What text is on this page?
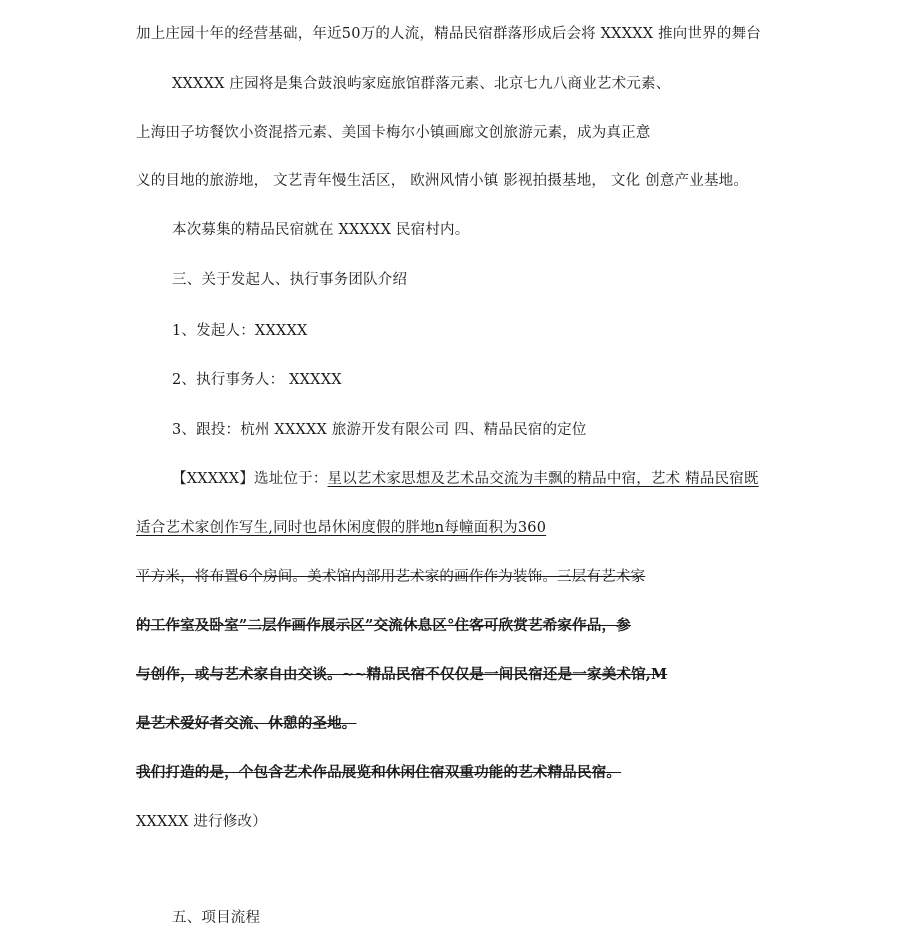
加上庄园十年的经营基础，年近50万的人流，精品民宿群落形成后会将 XXXXX 推向世界的舞台
XXXXX 庄园将是集合鼓浪屿家庭旅馆群落元素、北京七九八商业艺术元素、
上海田子坊餐饮小资混搭元素、美国卡梅尔小镇画廊文创旅游元素，成为真正意
义的目地的旅游地， 文艺青年慢生活区， 欧洲风情小镇 影视拍摄基地， 文化 创意产业基地。
本次募集的精品民宿就在 XXXXX 民宿村内。
三、关于发起人、执行事务团队介绍
1、发起人：XXXXX
2、执行事务人： XXXXX
3、跟投：杭州 XXXXX 旅游开发有限公司 四、精品民宿的定位
【XXXXX】选址位于：星以艺术家思想及艺术品交流为丰飘的精品中宿，艺术 精品民宿既
适合艺术家创作写生,同时也昂休闲度假的胖地n每幢面积为360
平方米，将布置6个房间。美术馆内部用艺术家的画作作为装饰。三层有艺术家
的工作室及卧室”二层作画作展示区”交流休息区°住客可欣赏艺希家作品，参
与创作，或与艺术家自由交谈。~~精品民宿不仅仅是一间民宿还是一家美术馆,M
是艺术爱好者交流、休憩的圣地。
我们打造的是，个包含艺术作品展览和休闲住宿双重功能的艺术精品民宿。
XXXXX 进行修改）
五、项目流程
